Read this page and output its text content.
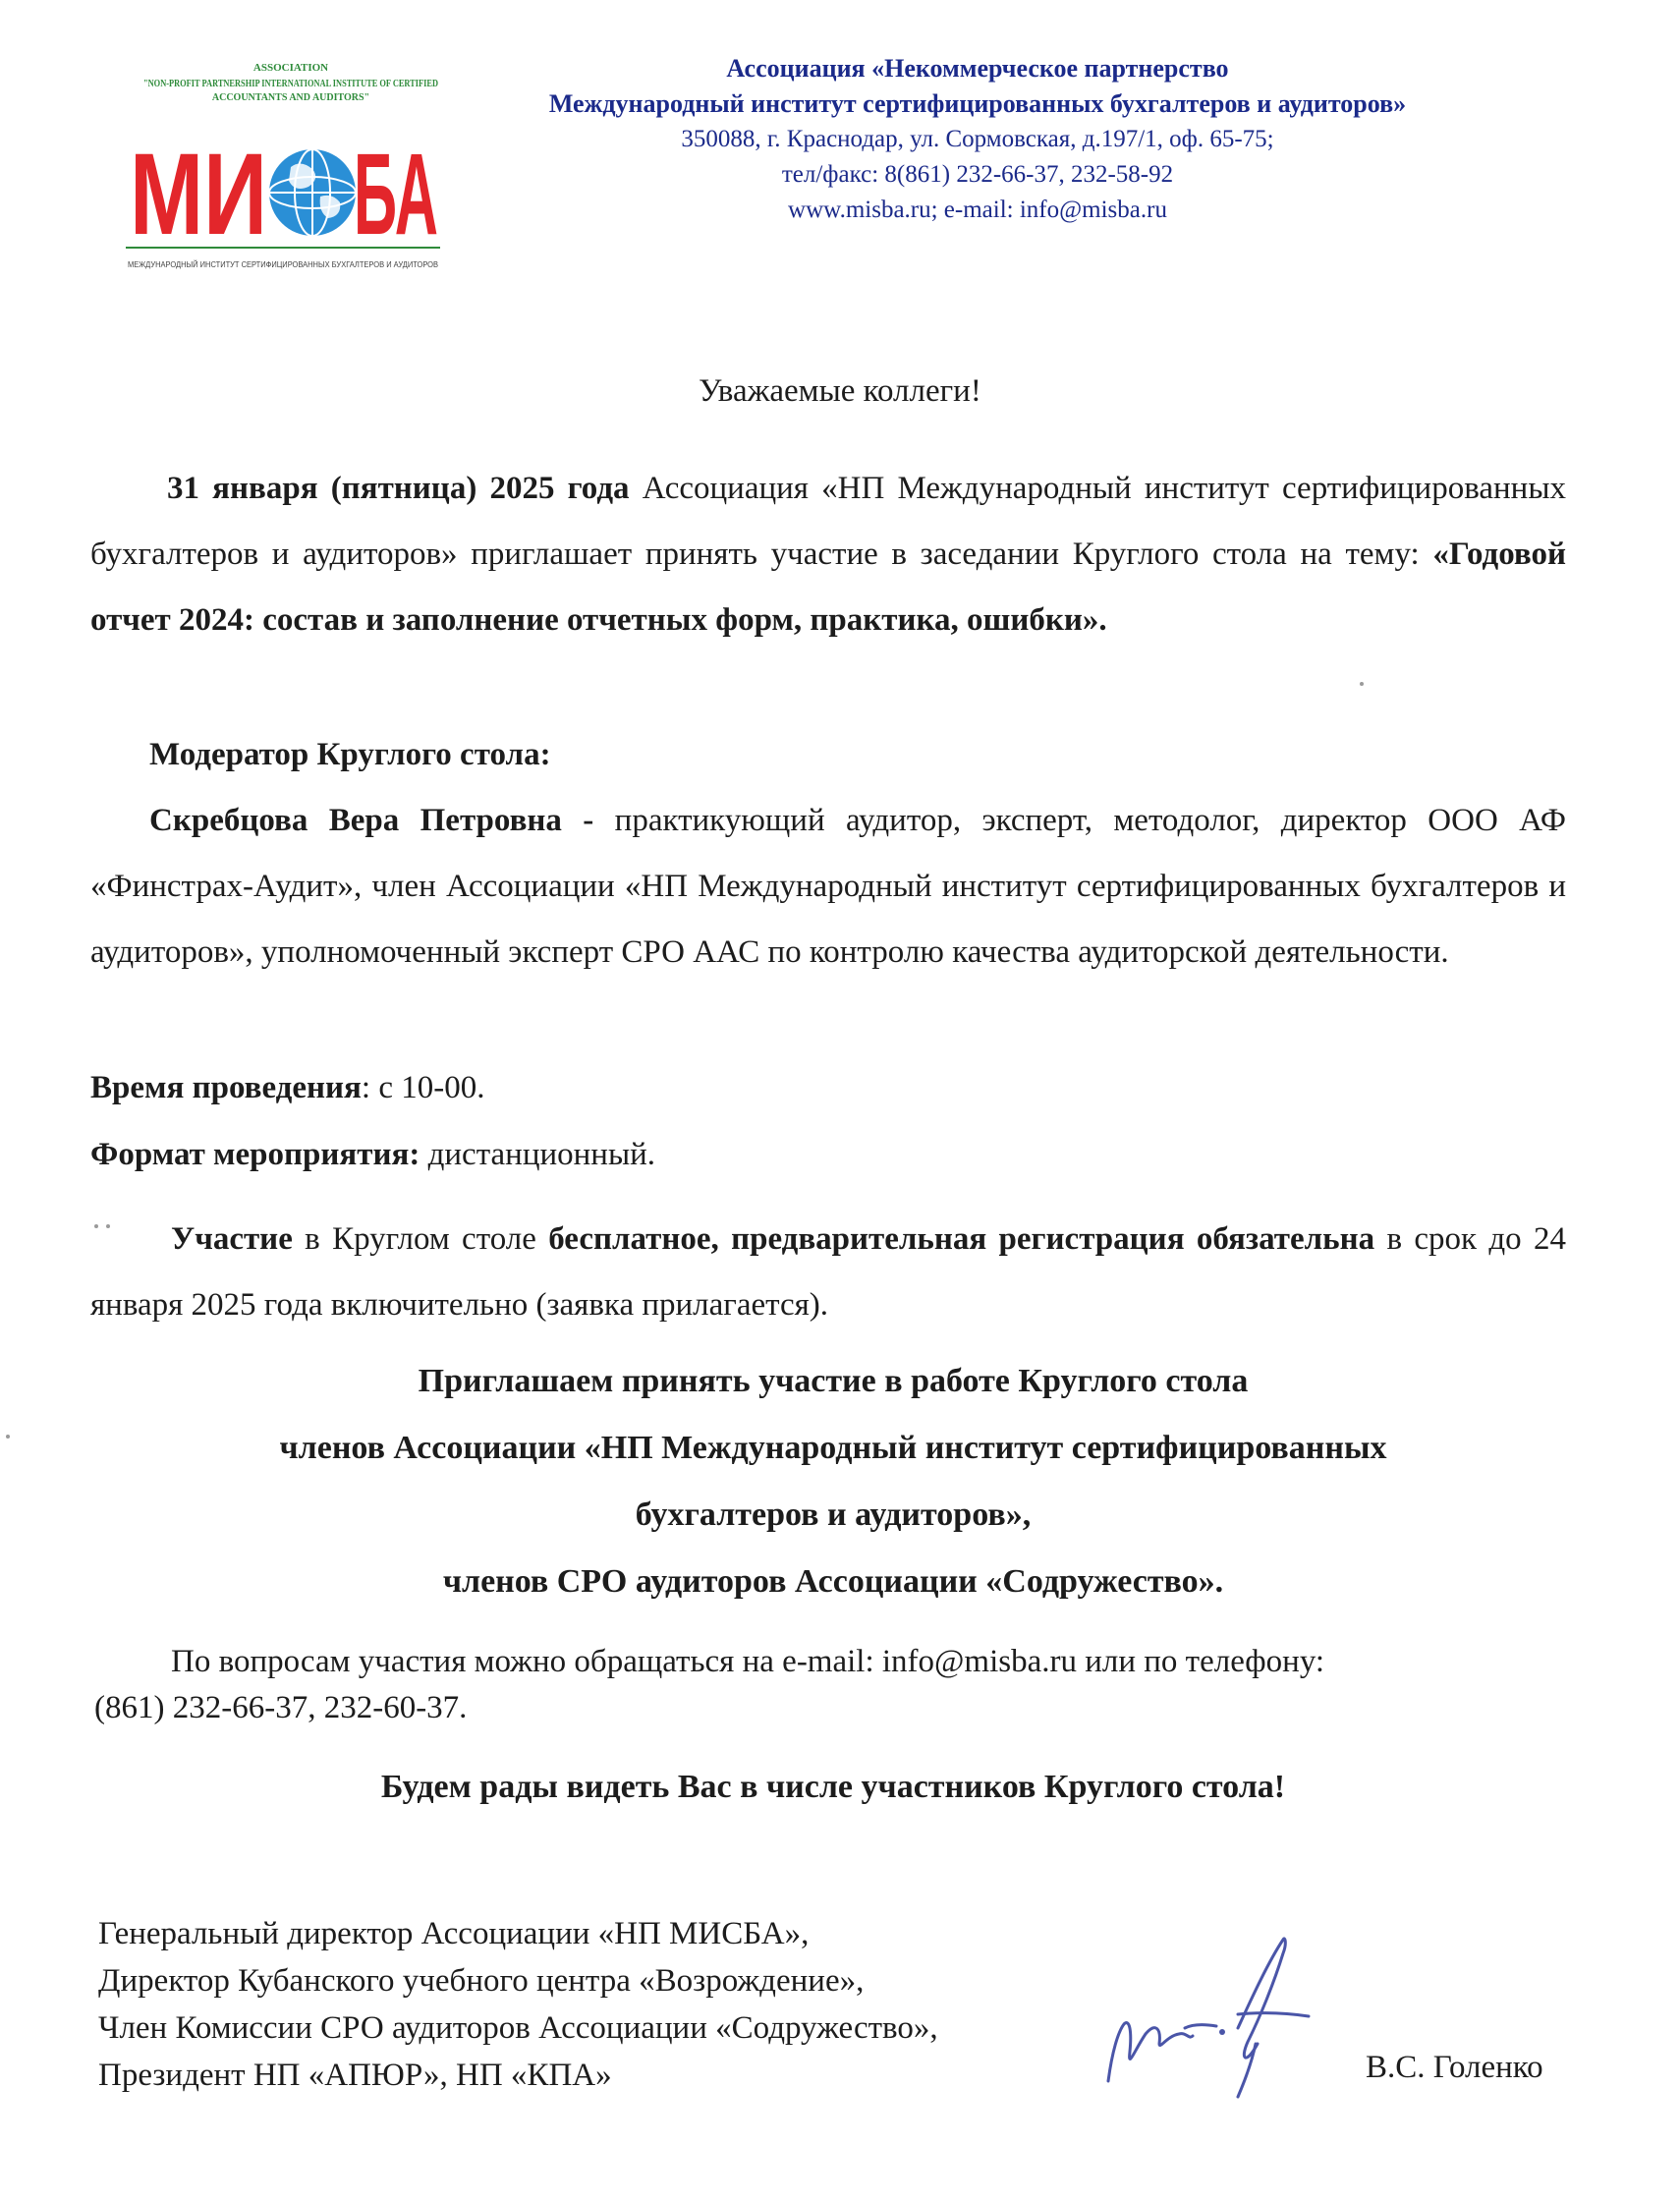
ASSOCIATION
"NON-PROFIT PARTNERSHIP INTERNATIONAL INSTITUTE OF CERTIFIED
ACCOUNTANTS AND AUDITORS"
МИ БА
МЕЖДУНАРОДНЫЙ ИНСТИТУТ СЕРТИФИЦИРОВАННЫХ БУХГАЛТЕРОВ И АУДИТОРОВ
Ассоциация «Некоммерческое партнерство
Международный институт сертифицированных бухгалтеров и аудиторов»
350088, г. Краснодар, ул. Сормовская, д.197/1, оф. 65-75;
тел/факс: 8(861) 232-66-37, 232-58-92
www.misba.ru; e-mail: info@misba.ru
Уважаемые коллеги!
31 января (пятница) 2025 года Ассоциация «НП Международный институт сертифицированных бухгалтеров и аудиторов» приглашает принять участие в заседании Круглого стола на тему: «Годовой отчет 2024: состав и заполнение отчетных форм, практика, ошибки».
Модератор Круглого стола:
Скребцова Вера Петровна - практикующий аудитор, эксперт, методолог, директор ООО АФ «Финстрах-Аудит», член Ассоциации «НП Международный институт сертифицированных бухгалтеров и аудиторов», уполномоченный эксперт СРО ААС по контролю качества аудиторской деятельности.
Время проведения: с 10-00.
Формат мероприятия: дистанционный.
Участие в Круглом столе бесплатное, предварительная регистрация обязательна в срок до 24 января 2025 года включительно (заявка прилагается).
Приглашаем принять участие в работе Круглого стола
членов Ассоциации «НП Международный институт сертифицированных
бухгалтеров и аудиторов»,
членов СРО аудиторов Ассоциации «Содружество».
По вопросам участия можно обращаться на e-mail: info@misba.ru или по телефону:
(861) 232-66-37, 232-60-37.
Будем рады видеть Вас в числе участников Круглого стола!
Генеральный директор Ассоциации «НП МИСБА»,
Директор Кубанского учебного центра «Возрождение»,
Член Комиссии СРО аудиторов Ассоциации «Содружество»,
Президент НП «АПЮР», НП «КПА»	В.С. Голенко
